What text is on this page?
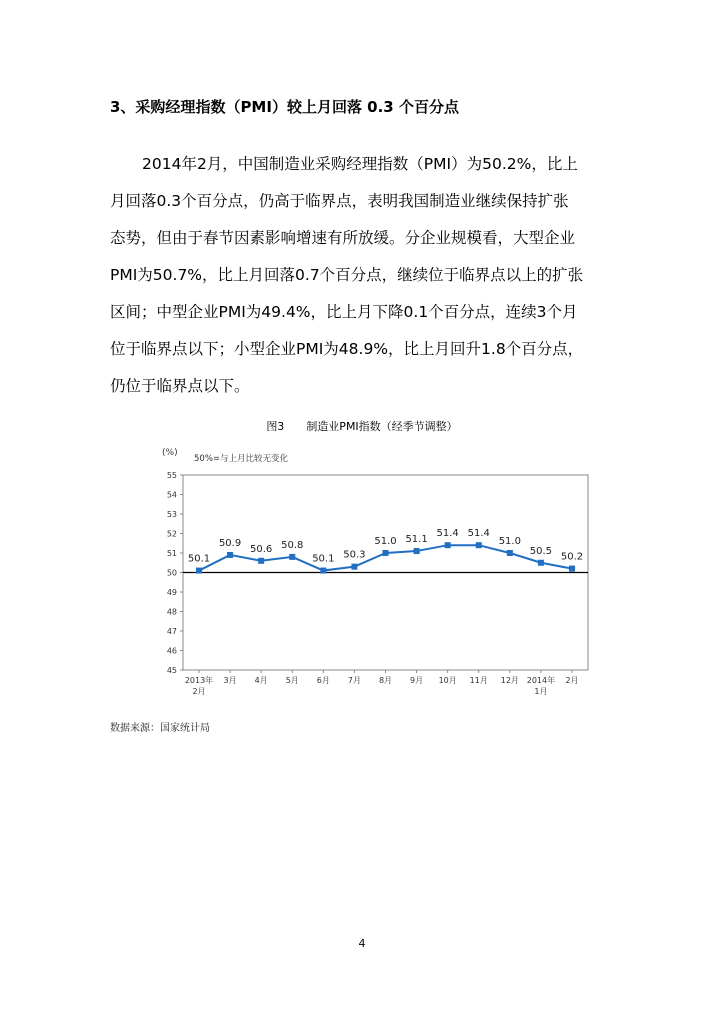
3、采购经理指数（PMI）较上月回落 0.3 个百分点
2014年2月，中国制造业采购经理指数（PMI）为50.2%，比上
月回落0.3个百分点，仍高于临界点，表明我国制造业继续保持扩张
态势，但由于春节因素影响增速有所放缓。分企业规模看，大型企业
PMI为50.7%，比上月回落0.7个百分点，继续位于临界点以上的扩张
区间；中型企业PMI为49.4%，比上月下降0.1个百分点，连续3个月
位于临界点以下；小型企业PMI为48.9%，比上月回升1.8个百分点，
仍位于临界点以下。
图3 制造业PMI指数（经季节调整）
(%)
50%=与上月比较无变化
55
54
53
52
51
50
49
48
47
46
45
2013年
2月
3月 4月 5月 6月 7月 8月 9月 10月 11月 12月 2014年
1月
2月
50.1
50.9
50.6 50.8
50.1 50.3
51.0 51.1
51.4 51.4
51.0
50.5
50.2
数据来源：国家统计局
4
